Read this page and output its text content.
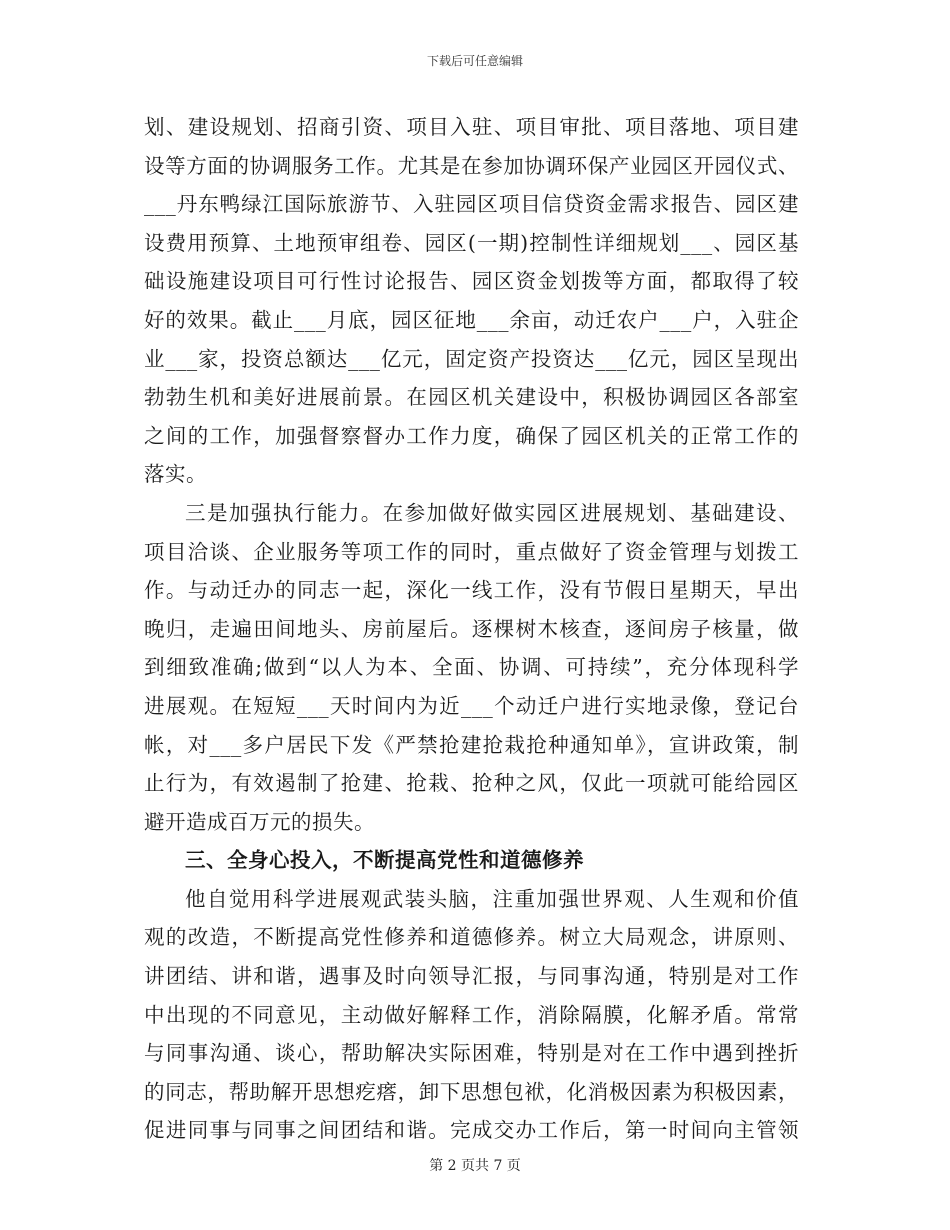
下载后可任意编辑
划、建设规划、招商引资、项目入驻、项目审批、项目落地、项目建
设等方面的协调服务工作。尤其是在参加协调环保产业园区开园仪式、
___丹东鸭绿江国际旅游节、入驻园区项目信贷资金需求报告、园区建
设费用预算、土地预审组卷、园区(一期)控制性详细规划___、园区基
础设施建设项目可行性讨论报告、园区资金划拨等方面，都取得了较
好的效果。截止___月底，园区征地___余亩，动迁农户___户，入驻企
业___家，投资总额达___亿元，固定资产投资达___亿元，园区呈现出
勃勃生机和美好进展前景。在园区机关建设中，积极协调园区各部室
之间的工作，加强督察督办工作力度，确保了园区机关的正常工作的
落实。
三是加强执行能力。在参加做好做实园区进展规划、基础建设、
项目洽谈、企业服务等项工作的同时，重点做好了资金管理与划拨工
作。与动迁办的同志一起，深化一线工作，没有节假日星期天，早出
晚归，走遍田间地头、房前屋后。逐棵树木核查，逐间房子核量，做
到细致准确;做到“以人为本、全面、协调、可持续”，充分体现科学
进展观。在短短___天时间内为近___个动迁户进行实地录像，登记台
帐，对___多户居民下发《严禁抢建抢栽抢种通知单》，宣讲政策，制
止行为，有效遏制了抢建、抢栽、抢种之风，仅此一项就可能给园区
避开造成百万元的损失。
三、全身心投入，不断提高党性和道德修养
他自觉用科学进展观武装头脑，注重加强世界观、人生观和价值
观的改造，不断提高党性修养和道德修养。树立大局观念，讲原则、
讲团结、讲和谐，遇事及时向领导汇报，与同事沟通，特别是对工作
中出现的不同意见，主动做好解释工作，消除隔膜，化解矛盾。常常
与同事沟通、谈心，帮助解决实际困难，特别是对在工作中遇到挫折
的同志，帮助解开思想疙瘩，卸下思想包袱，化消极因素为积极因素，
促进同事与同事之间团结和谐。完成交办工作后，第一时间向主管领
第 2 页共 7 页
